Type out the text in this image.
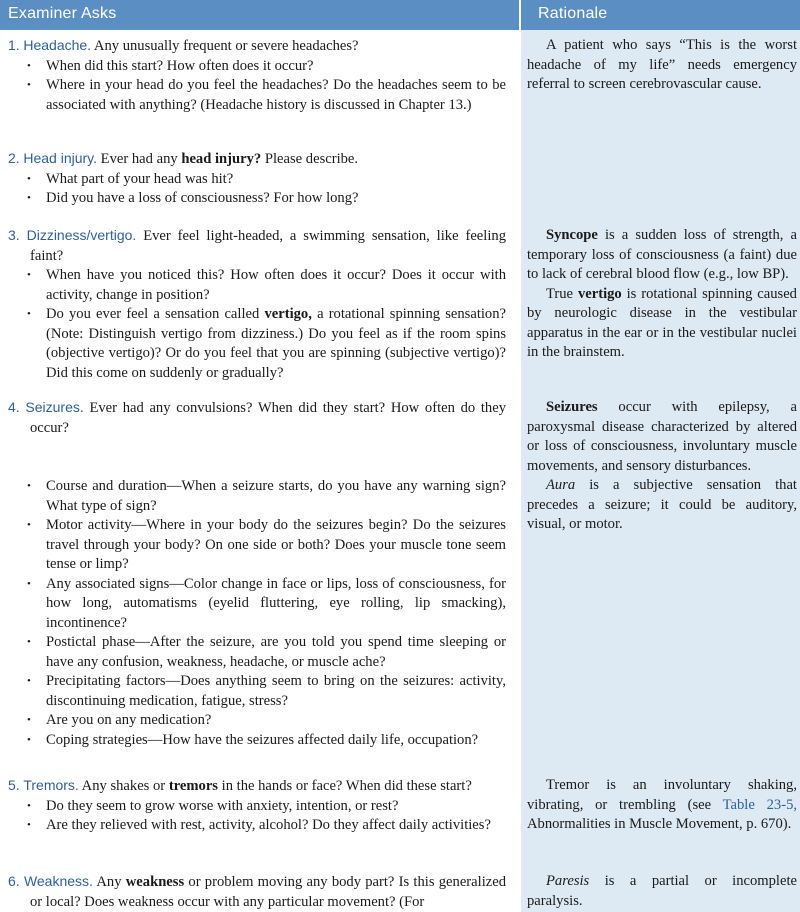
Examiner Asks	Rationale

1. Headache. Any unusually frequent or severe headaches?

• When did this start? How often does it occur?
• Where in your head do you feel the headaches? Do the headaches seem to be associated with anything? (Headache history is discussed in Chapter 13.)

A patient who says “This is the worst headache of my life” needs emergency referral to screen cerebrovascular cause.

2. Head injury. Ever had any head injury? Please describe.

• What part of your head was hit?
• Did you have a loss of consciousness? For how long?

3. Dizziness/vertigo. Ever feel light-headed, a swimming sensation, like feeling faint?

• When have you noticed this? How often does it occur? Does it occur with activity, change in position?
• Do you ever feel a sensation called vertigo, a rotational spinning sensation? (Note: Distinguish vertigo from dizziness.) Do you feel as if the room spins (objective vertigo)? Or do you feel that you are spinning (subjective vertigo)? Did this come on suddenly or gradually?

Syncope is a sudden loss of strength, a temporary loss of consciousness (a faint) due to lack of cerebral blood flow (e.g., low BP).

True vertigo is rotational spinning caused by neurologic disease in the vestibular apparatus in the ear or in the vestibular nuclei in the brainstem.

4. Seizures. Ever had any convulsions? When did they start? How often do they occur?

• Course and duration—When a seizure starts, do you have any warning sign? What type of sign?
• Motor activity—Where in your body do the seizures begin? Do the seizures travel through your body? On one side or both? Does your muscle tone seem tense or limp?
• Any associated signs—Color change in face or lips, loss of consciousness, for how long, automatisms (eyelid fluttering, eye rolling, lip smacking), incontinence?
• Postictal phase—After the seizure, are you told you spend time sleeping or have any confusion, weakness, headache, or muscle ache?
• Precipitating factors—Does anything seem to bring on the seizures: activity, discontinuing medication, fatigue, stress?
• Are you on any medication?
• Coping strategies—How have the seizures affected daily life, occupation?

Seizures occur with epilepsy, a paroxysmal disease characterized by altered or loss of consciousness, involuntary muscle movements, and sensory disturbances.

Aura is a subjective sensation that precedes a seizure; it could be auditory, visual, or motor.

5. Tremors. Any shakes or tremors in the hands or face? When did these start?

• Do they seem to grow worse with anxiety, intention, or rest?
• Are they relieved with rest, activity, alcohol? Do they affect daily activities?

Tremor is an involuntary shaking, vibrating, or trembling (see Table 23-5, Abnormalities in Muscle Movement, p. 670).

6. Weakness. Any weakness or problem moving any body part? Is this generalized or local? Does weakness occur with any particular movement? (For

Paresis is a partial or incomplete paralysis.
